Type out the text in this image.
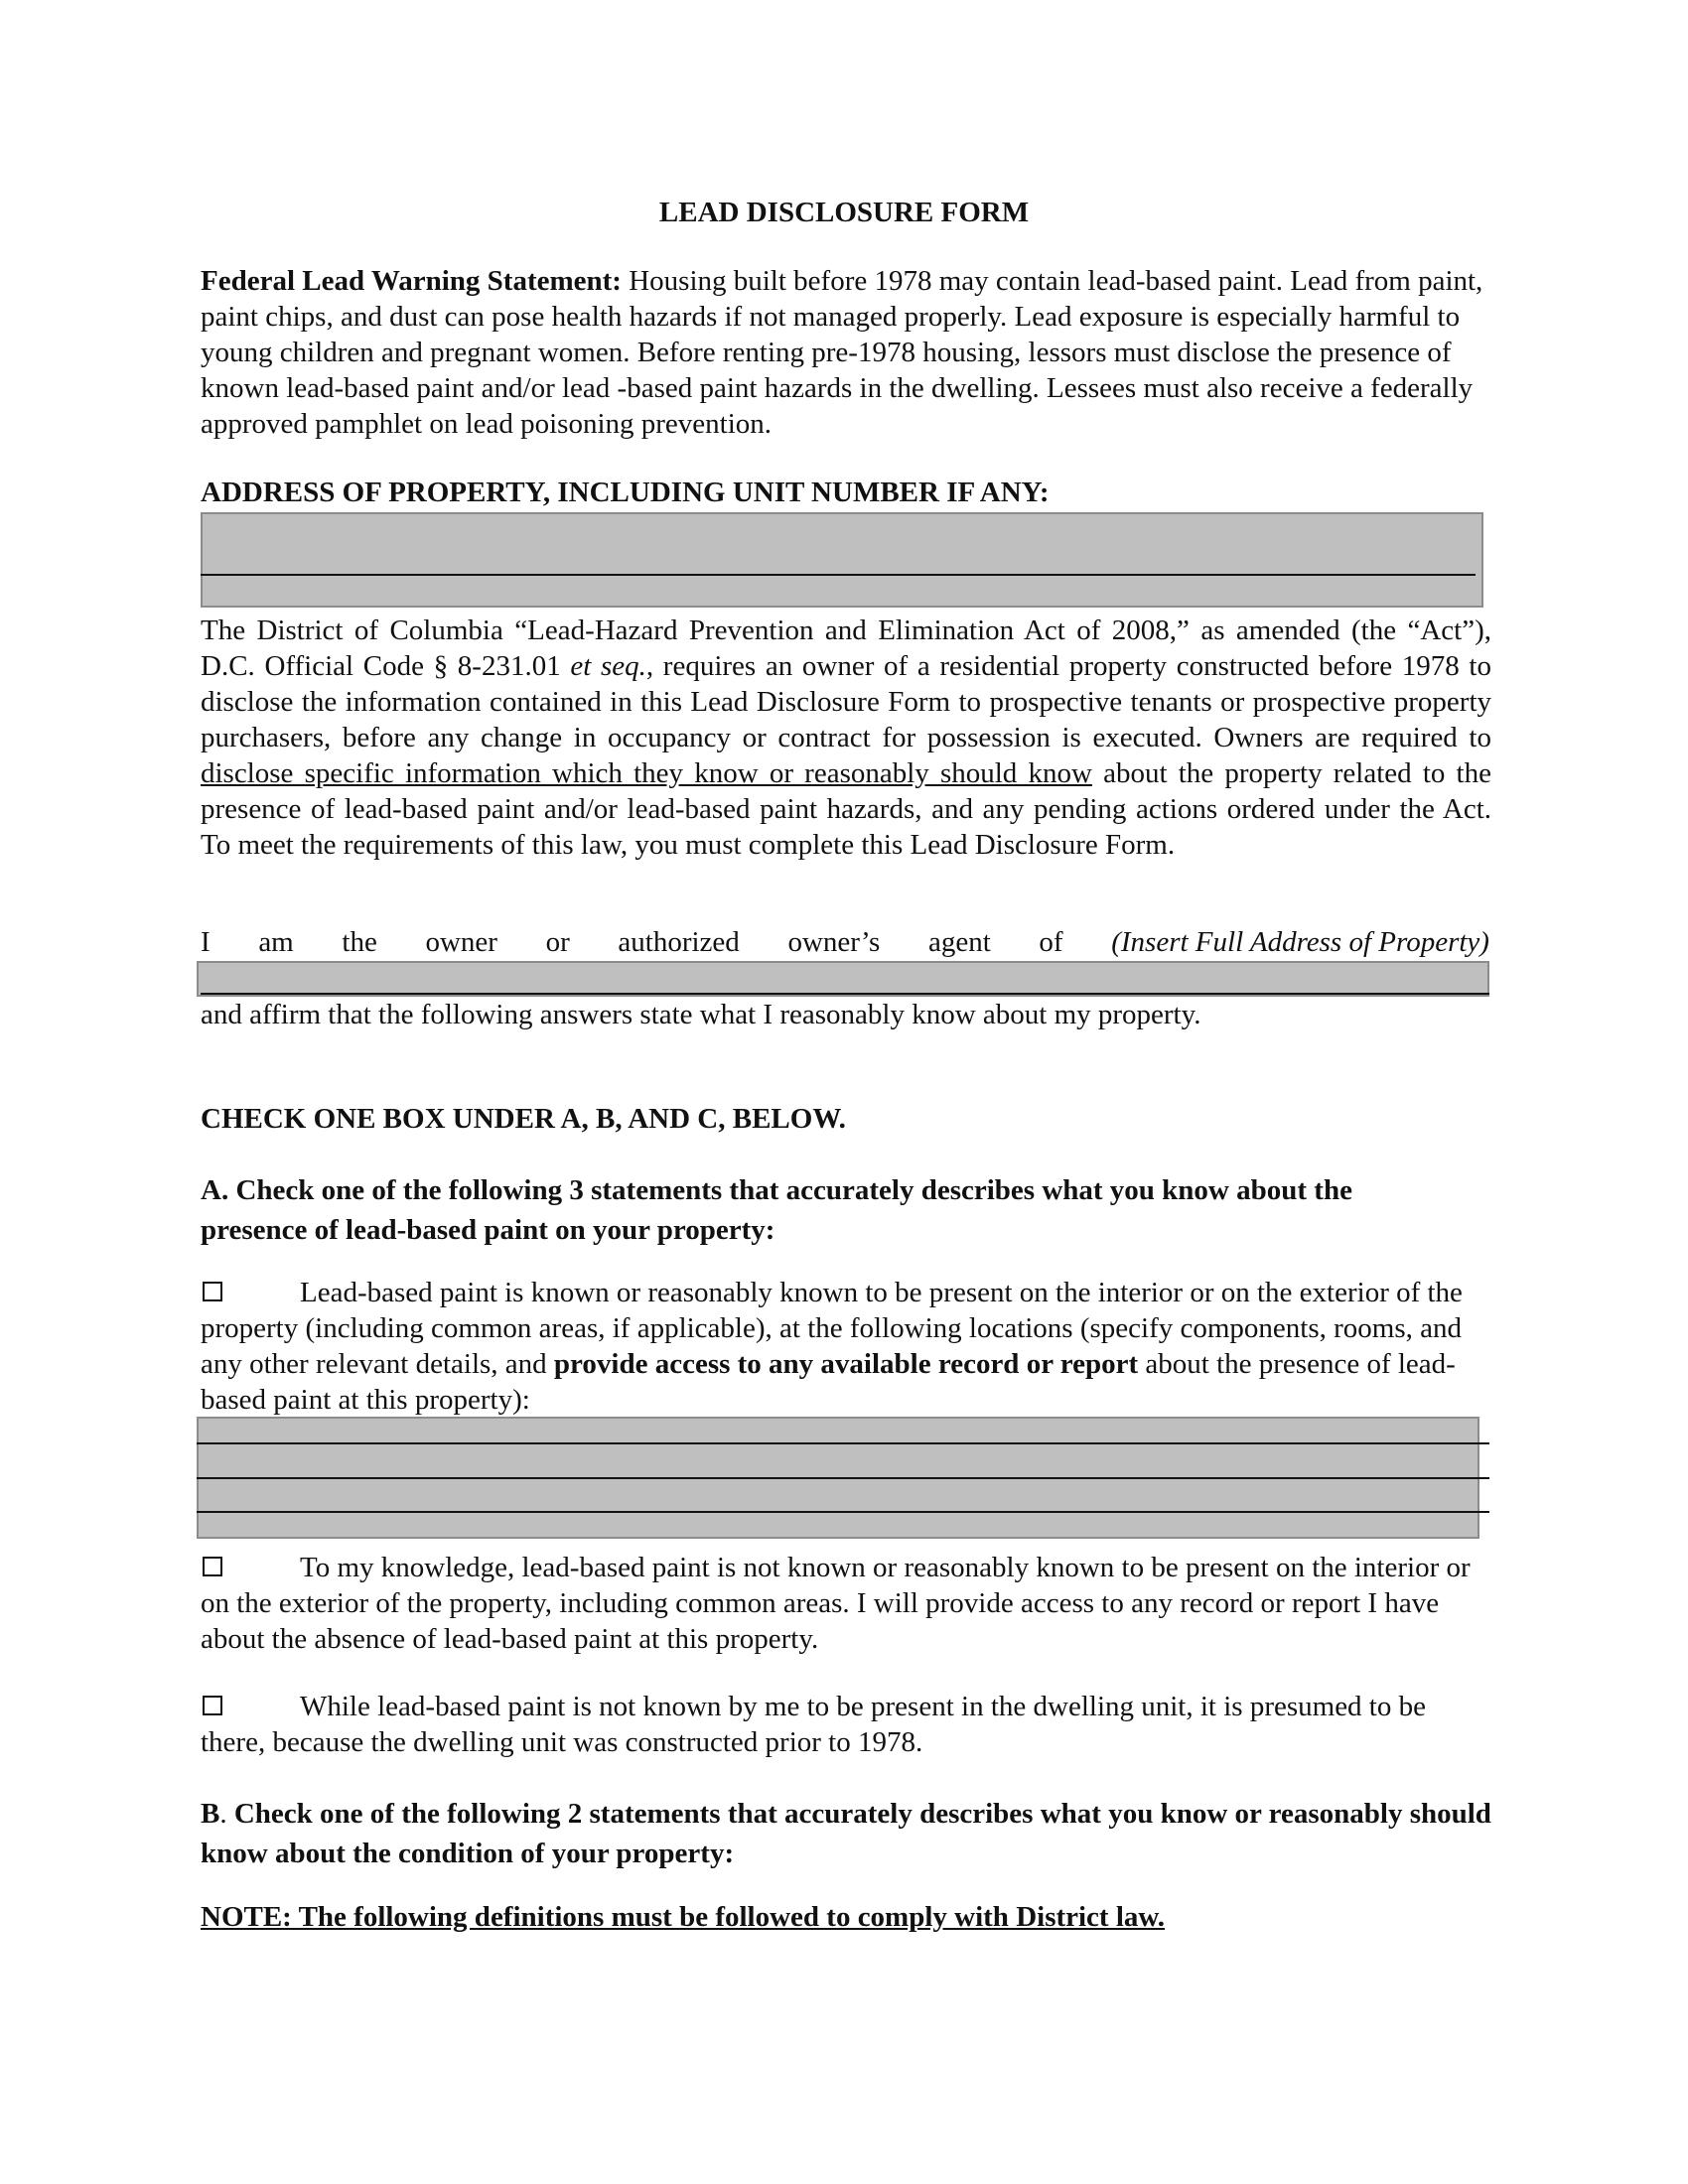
LEAD DISCLOSURE FORM
Federal Lead Warning Statement: Housing built before 1978 may contain lead-based paint. Lead from paint, paint chips, and dust can pose health hazards if not managed properly. Lead exposure is especially harmful to young children and pregnant women. Before renting pre-1978 housing, lessors must disclose the presence of known lead-based paint and/or lead -based paint hazards in the dwelling. Lessees must also receive a federally approved pamphlet on lead poisoning prevention.
ADDRESS OF PROPERTY, INCLUDING UNIT NUMBER IF ANY:
The District of Columbia “Lead-Hazard Prevention and Elimination Act of 2008,” as amended (the “Act”), D.C. Official Code § 8-231.01 et seq., requires an owner of a residential property constructed before 1978 to disclose the information contained in this Lead Disclosure Form to prospective tenants or prospective property purchasers, before any change in occupancy or contract for possession is executed. Owners are required to disclose specific information which they know or reasonably should know about the property related to the presence of lead-based paint and/or lead-based paint hazards, and any pending actions ordered under the Act. To meet the requirements of this law, you must complete this Lead Disclosure Form.
I am the owner or authorized owner’s agent of (Insert Full Address of Property)
and affirm that the following answers state what I reasonably know about my property.
CHECK ONE BOX UNDER A, B, AND C, BELOW.
A. Check one of the following 3 statements that accurately describes what you know about the presence of lead-based paint on your property:
Lead-based paint is known or reasonably known to be present on the interior or on the exterior of the property (including common areas, if applicable), at the following locations (specify components, rooms, and any other relevant details, and provide access to any available record or report about the presence of lead-based paint at this property):
To my knowledge, lead-based paint is not known or reasonably known to be present on the interior or on the exterior of the property, including common areas. I will provide access to any record or report I have about the absence of lead-based paint at this property.
While lead-based paint is not known by me to be present in the dwelling unit, it is presumed to be there, because the dwelling unit was constructed prior to 1978.
B. Check one of the following 2 statements that accurately describes what you know or reasonably should know about the condition of your property:
NOTE: The following definitions must be followed to comply with District law.
